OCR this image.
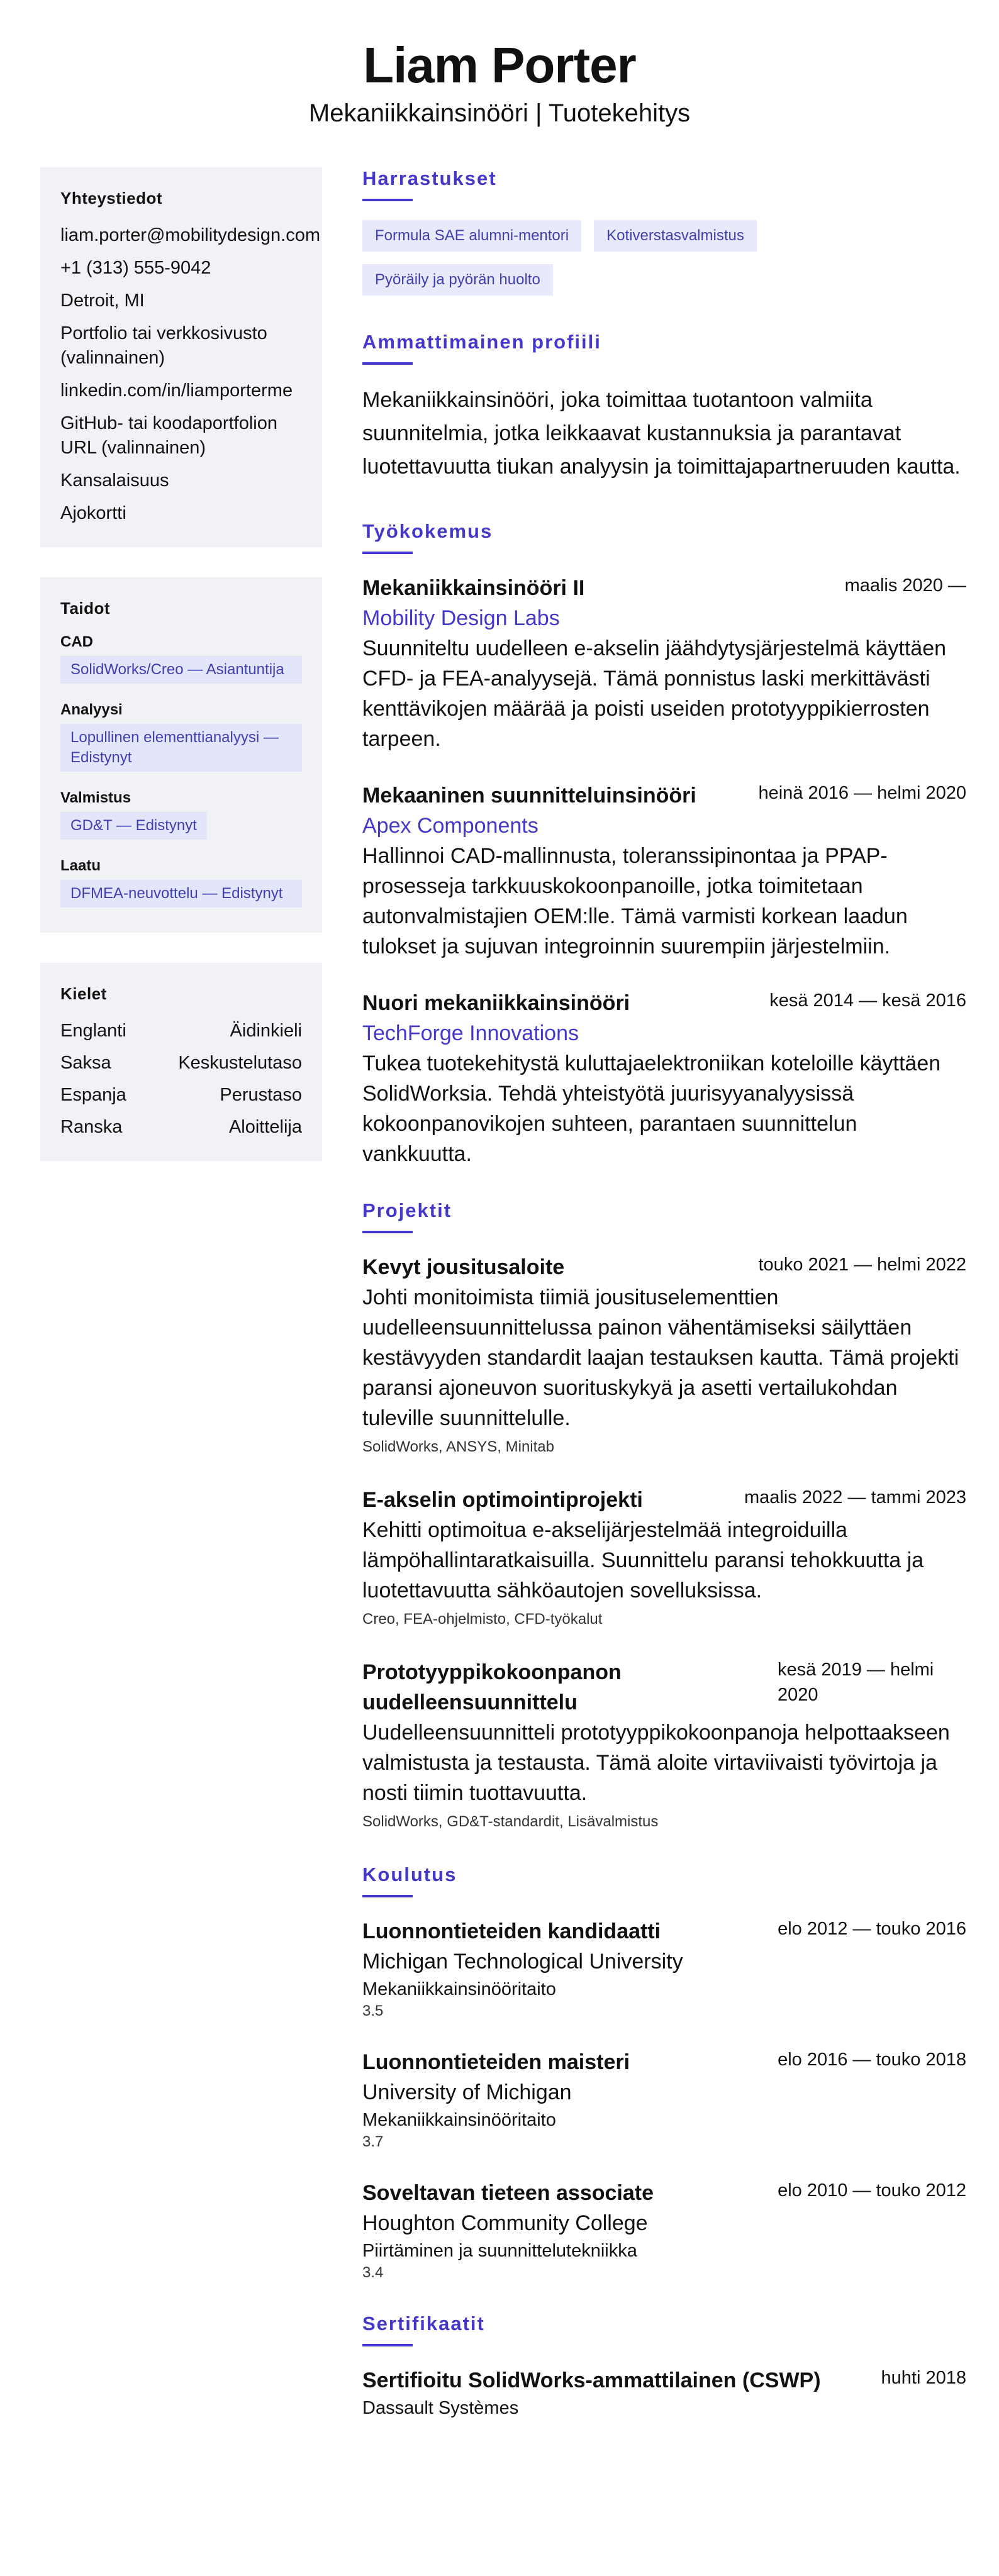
Liam Porter
Mekaniikkainsinööri | Tuotekehitys
Yhteystiedot
liam.porter@mobilitydesign.com
+1 (313) 555-9042
Detroit, MI
Portfolio tai verkkosivusto (valinnainen)
linkedin.com/in/liamporterme
GitHub- tai koodaportfolion URL (valinnainen)
Kansalaisuus
Ajokortti
Taidot
CAD
SolidWorks/Creo — Asiantuntija
Analyysi
Lopullinen elementtianalyysi — Edistynyt
Valmistus
GD&T — Edistynyt
Laatu
DFMEA-neuvottelu — Edistynyt
Kielet
Englanti	Äidinkieli
Saksa	Keskustelutaso
Espanja	Perustaso
Ranska	Aloittelija
Harrastukset
Formula SAE alumni-mentori	Kotiverstasvalmistus
Pyöräily ja pyörän huolto
Ammattimainen profiili
Mekaniikkainsinööri, joka toimittaa tuotantoon valmiita suunnitelmia, jotka leikkaavat kustannuksia ja parantavat luotettavuutta tiukan analyysin ja toimittajapartneruuden kautta.
Työkokemus
Mekaniikkainsinööri II	maalis 2020 —
Mobility Design Labs
Suunniteltu uudelleen e-akselin jäähdytysjärjestelmä käyttäen CFD- ja FEA-analyysejä. Tämä ponnistus laski merkittävästi kenttävikojen määrää ja poisti useiden prototyyppikierrosten tarpeen.
Mekaaninen suunnitteluinsinööri	heinä 2016 — helmi 2020
Apex Components
Hallinnoi CAD-mallinnusta, toleranssipinontaa ja PPAP-prosesseja tarkkuuskokoonpanoille, jotka toimitetaan autonvalmistajien OEM:lle. Tämä varmisti korkean laadun tulokset ja sujuvan integroinnin suurempiin järjestelmiin.
Nuori mekaniikkainsinööri	kesä 2014 — kesä 2016
TechForge Innovations
Tukea tuotekehitystä kuluttajaelektroniikan koteloille käyttäen SolidWorksia. Tehdä yhteistyötä juurisyyanalyysissä kokoonpanovikojen suhteen, parantaen suunnittelun vankkuutta.
Projektit
Kevyt jousitusaloite	touko 2021 — helmi 2022
Johti monitoimista tiimiä jousituselementtien uudelleensuunnittelussa painon vähentämiseksi säilyttäen kestävyyden standardit laajan testauksen kautta. Tämä projekti paransi ajoneuvon suorituskykyä ja asetti vertailukohdan tuleville suunnittelulle.
SolidWorks, ANSYS, Minitab
E-akselin optimointiprojekti	maalis 2022 — tammi 2023
Kehitti optimoitua e-akselijärjestelmää integroiduilla lämpöhallintaratkaisuilla. Suunnittelu paransi tehokkuutta ja luotettavuutta sähköautojen sovelluksissa.
Creo, FEA-ohjelmisto, CFD-työkalut
Prototyyppikokoonpanon uudelleensuunnittelu
kesä 2019 — helmi 2020
Uudelleensuunnitteli prototyyppikokoonpanoja helpottaakseen valmistusta ja testausta. Tämä aloite virtaviivaisti työvirtoja ja nosti tiimin tuottavuutta.
SolidWorks, GD&T-standardit, Lisävalmistus
Koulutus
Luonnontieteiden kandidaatti	elo 2012 — touko 2016
Michigan Technological University
Mekaniikkainsinööritaito
3.5
Luonnontieteiden maisteri	elo 2016 — touko 2018
University of Michigan
Mekaniikkainsinööritaito
3.7
Soveltavan tieteen associate	elo 2010 — touko 2012
Houghton Community College
Piirtäminen ja suunnittelutekniikka
3.4
Sertifikaatit
Sertifioitu SolidWorks-ammattilainen (CSWP)	huhti 2018
Dassault Systèmes
